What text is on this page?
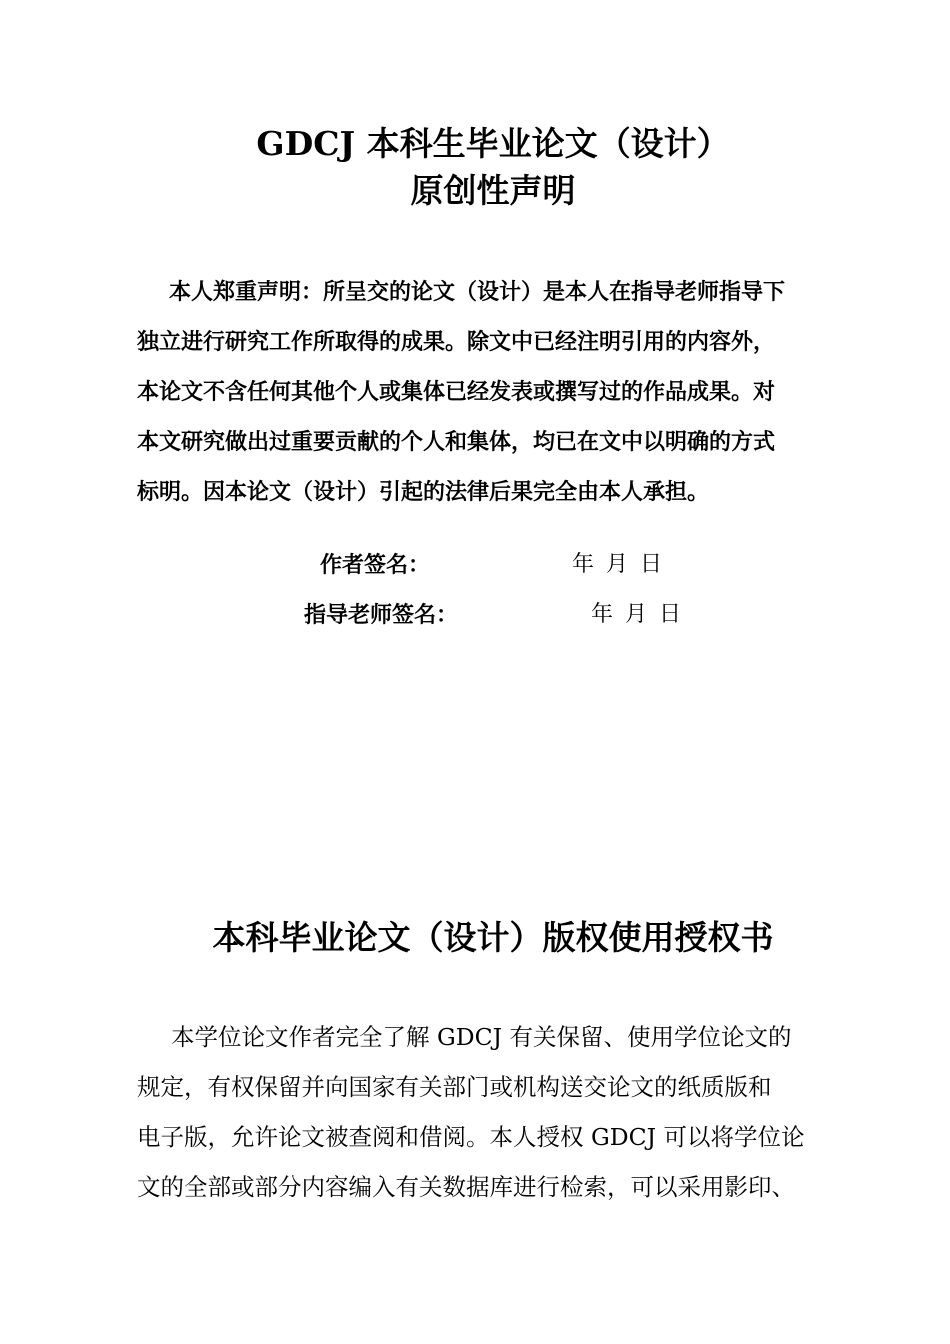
GDCJ 本科生毕业论文（设计）
原创性声明
本人郑重声明：所呈交的论文（设计）是本人在指导老师指导下
独立进行研究工作所取得的成果。除文中已经注明引用的内容外，
本论文不含任何其他个人或集体已经发表或撰写过的作品成果。对
本文研究做出过重要贡献的个人和集体，均已在文中以明确的方式
标明。因本论文（设计）引起的法律后果完全由本人承担。
作者签名：	年 月 日
指导老师签名：	年 月 日
本科毕业论文（设计）版权使用授权书
本学位论文作者完全了解 GDCJ 有关保留、使用学位论文的
规定，有权保留并向国家有关部门或机构送交论文的纸质版和
电子版，允许论文被查阅和借阅。本人授权 GDCJ 可以将学位论
文的全部或部分内容编入有关数据库进行检索，可以采用影印、
